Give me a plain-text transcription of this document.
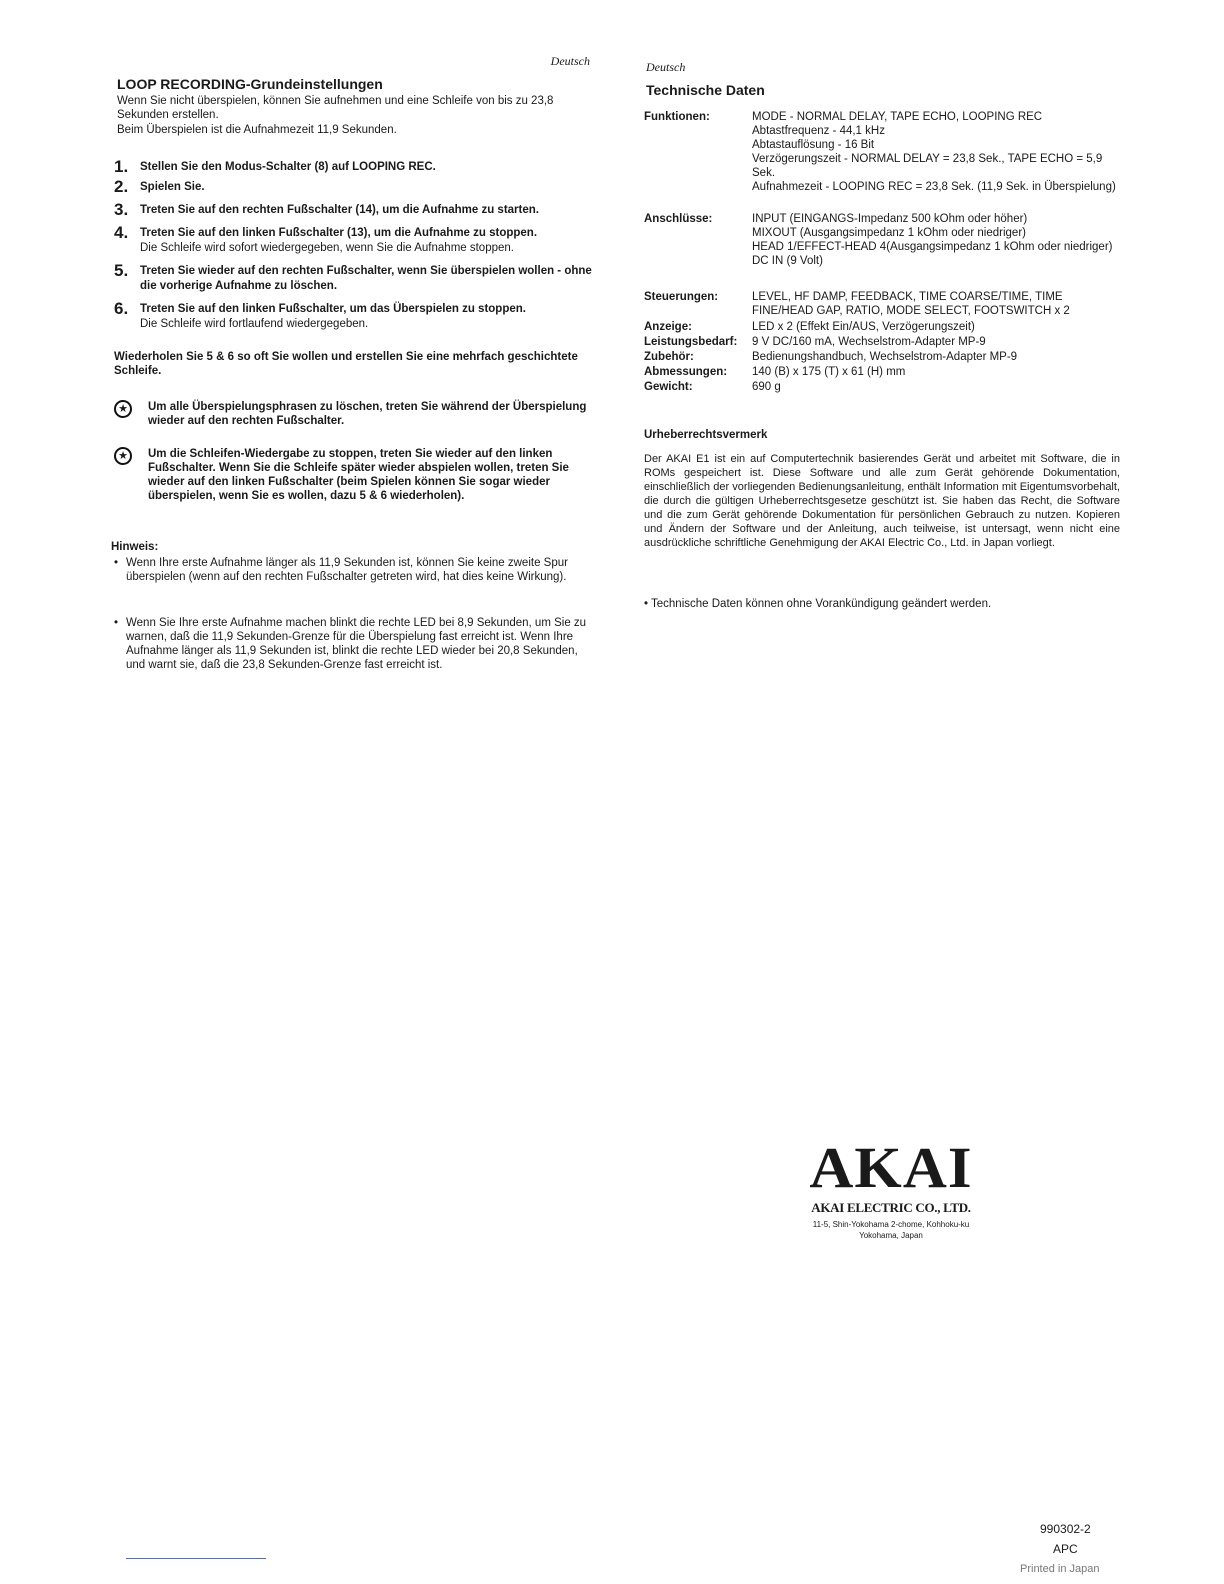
Deutsch
LOOP RECORDING-Grundeinstellungen
Wenn Sie nicht überspielen, können Sie aufnehmen und eine Schleife von bis zu 23,8 Sekunden erstellen.
Beim Überspielen ist die Aufnahmezeit 11,9 Sekunden.
1. Stellen Sie den Modus-Schalter (8) auf LOOPING REC.
2. Spielen Sie.
3. Treten Sie auf den rechten Fußschalter (14), um die Aufnahme zu starten.
4. Treten Sie auf den linken Fußschalter (13), um die Aufnahme zu stoppen.
Die Schleife wird sofort wiedergegeben, wenn Sie die Aufnahme stoppen.
5. Treten Sie wieder auf den rechten Fußschalter, wenn Sie überspielen wollen - ohne die vorherige Aufnahme zu löschen.
6. Treten Sie auf den linken Fußschalter, um das Überspielen zu stoppen.
Die Schleife wird fortlaufend wiedergegeben.
Wiederholen Sie 5 & 6 so oft Sie wollen und erstellen Sie eine mehrfach geschichtete Schleife.
★	Um alle Überspielungsphrasen zu löschen, treten Sie während der Überspielung wieder auf den rechten Fußschalter.
★	Um die Schleifen-Wiedergabe zu stoppen, treten Sie wieder auf den linken Fußschalter. Wenn Sie die Schleife später wieder abspielen wollen, treten Sie wieder auf den linken Fußschalter (beim Spielen können Sie sogar wieder überspielen, wenn Sie es wollen, dazu 5 & 6 wiederholen).
Hinweis:
• Wenn Ihre erste Aufnahme länger als 11,9 Sekunden ist, können Sie keine zweite Spur überspielen (wenn auf den rechten Fußschalter getreten wird, hat dies keine Wirkung).
• Wenn Sie Ihre erste Aufnahme machen blinkt die rechte LED bei 8,9 Sekunden, um Sie zu warnen, daß die 11,9 Sekunden-Grenze für die Überspielung fast erreicht ist. Wenn Ihre Aufnahme länger als 11,9 Sekunden ist, blinkt die rechte LED wieder bei 20,8 Sekunden, und warnt sie, daß die 23,8 Sekunden-Grenze fast erreicht ist.
Deutsch
Technische Daten
Funktionen:	MODE - NORMAL DELAY, TAPE ECHO, LOOPING REC
Abtastfrequenz - 44,1 kHz
Abtastauflösung - 16 Bit
Verzögerungszeit - NORMAL DELAY = 23,8 Sek., TAPE ECHO = 5,9 Sek.
Aufnahmezeit - LOOPING REC = 23,8 Sek. (11,9 Sek. in Überspielung)
Anschlüsse:	INPUT (EINGANGS-Impedanz 500 kOhm oder höher)
MIXOUT (Ausgangsimpedanz 1 kOhm oder niedriger)
HEAD 1/EFFECT-HEAD 4(Ausgangsimpedanz 1 kOhm oder niedriger)
DC IN (9 Volt)
Steuerungen:	LEVEL, HF DAMP, FEEDBACK, TIME COARSE/TIME, TIME FINE/HEAD GAP, RATIO, MODE SELECT, FOOTSWITCH x 2
Anzeige:	LED x 2 (Effekt Ein/AUS, Verzögerungszeit)
Leistungsbedarf: 9 V DC/160 mA, Wechselstrom-Adapter MP-9
Zubehör:	Bedienungshandbuch, Wechselstrom-Adapter MP-9
Abmessungen: 140 (B) x 175 (T) x 61 (H) mm
Gewicht:	690 g
Urheberrechtsvermerk
Der AKAI E1 ist ein auf Computertechnik basierendes Gerät und arbeitet mit Software, die in ROMs gespeichert ist. Diese Software und alle zum Gerät gehörende Dokumentation, einschließlich der vorliegenden Bedienungsanleitung, enthält Information mit Eigentumsvorbehalt, die durch die gültigen Urheberrechtsgesetze geschützt ist. Sie haben das Recht, die Software und die zum Gerät gehörende Dokumentation für persönlichen Gebrauch zu nutzen. Kopieren und Ändern der Software und der Anleitung, auch teilweise, ist untersagt, wenn nicht eine ausdrückliche schriftliche Genehmigung der AKAI Electric Co., Ltd. in Japan vorliegt.
• Technische Daten können ohne Vorankündigung geändert werden.
AKAI
AKAI ELECTRIC CO., LTD.
11-5, Shin-Yokohama 2-chome, Kohhoku-ku
Yokohama, Japan
990302-2
APC
Printed in Japan
